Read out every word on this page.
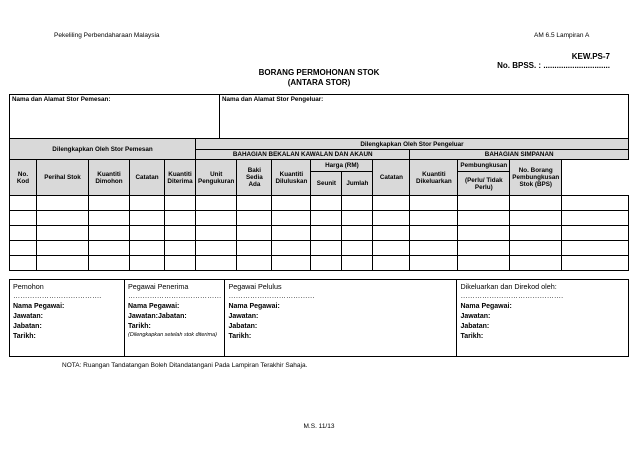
Pekeliling Perbendaharaan Malaysia	AM 6.5 Lampiran A
KEW.PS-7
No. BPSS. : ..............................
BORANG PERMOHONAN STOK
(ANTARA STOR)
Nama dan Alamat Stor Pemesan:	Nama dan Alamat Stor Pengeluar:
Dilengkapkan Oleh Stor Pemesan					Dilengkapkan Oleh Stor Pengeluar									
					BAHAGIAN BEKALAN KAWALAN DAN AKAUN						BAHAGIAN SIMPANAN			
No. Kod	Perihal Stok	Kuantiti Dimohon	Catatan	Kuantiti Diterima	Unit Pengukuran	Baki Sedia Ada	Kuantiti Diluluskan	Harga (RM)		Catatan	Kuantiti Dikeluarkan	Pembungkusan	No. Borang Pembungkusan Stok (BPS)	
								Seunit	Jumlah			(Perlu/ Tidak Perlu)		

Pemohon
……………………………….
Nama Pegawai:
Jawatan:
Jabatan:
Tarikh:

Pegawai Penerima
…………………………………
Nama Pegawai:
Jawatan:Jabatan:
Tarikh:
(Dilengkapkan setelah stok diterima)

Pegawai Pelulus
………………………………
Nama Pegawai:
Jawatan:
Jabatan:
Tarikh:

Dikeluarkan dan Direkod oleh:
…………………………………….
Nama Pegawai:
Jawatan:
Jabatan:
Tarikh:
NOTA: Ruangan Tandatangan Boleh Ditandatangani Pada Lampiran Terakhir Sahaja.
M.S. 11/13
